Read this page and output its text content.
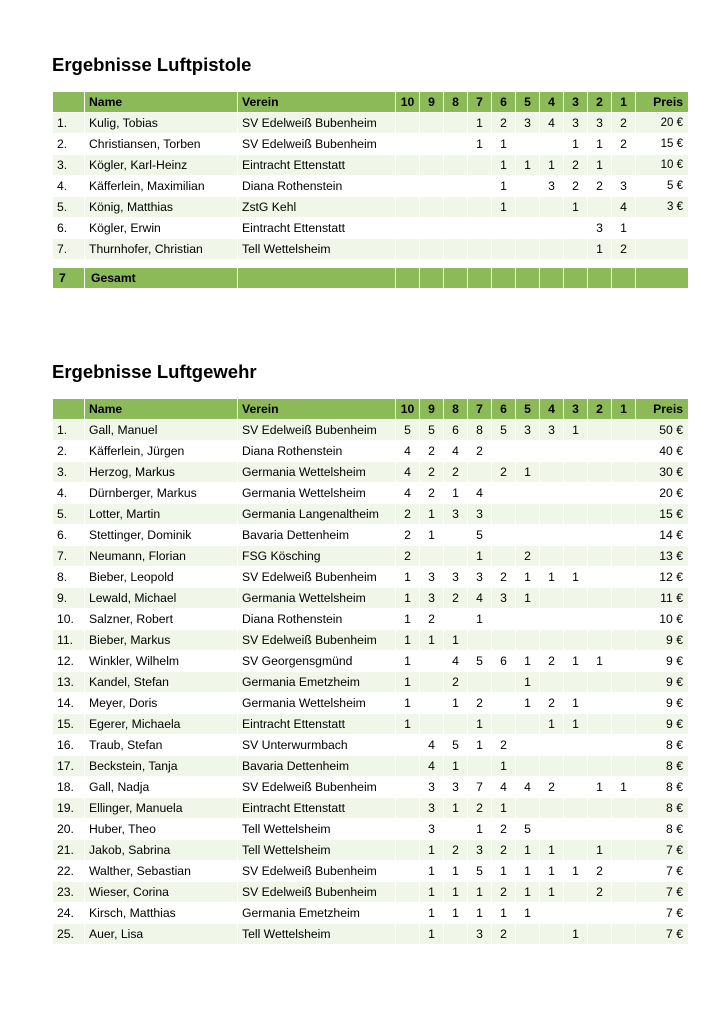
Ergebnisse Luftpistole
	Name	Verein	10	9	8	7	6	5	4	3	2	1	Preis
1.	Kulig, Tobias	SV Edelweiß Bubenheim				1	2	3	4	3	3	2	20 €
2.	Christiansen, Torben	SV Edelweiß Bubenheim				1	1			1	1	2	15 €
3.	Kögler, Karl-Heinz	Eintracht Ettenstatt					1	1	1	2	1		10 €
4.	Käfferlein, Maximilian	Diana Rothenstein					1		3	2	2	3	5 €
5.	König, Matthias	ZstG Kehl					1			1		4	3 €
6.	Kögler, Erwin	Eintracht Ettenstatt									3	1	
7.	Thurnhofer, Christian	Tell Wettelsheim									1	2	

7	Gesamt												
Ergebnisse Luftgewehr
	Name	Verein	10	9	8	7	6	5	4	3	2	1	Preis
1.	Gall, Manuel	SV Edelweiß Bubenheim	5	5	6	8	5	3	3	1			50 €
2.	Käfferlein, Jürgen	Diana Rothenstein	4	2	4	2							40 €
3.	Herzog, Markus	Germania Wettelsheim	4	2	2		2	1					30 €
4.	Dürnberger, Markus	Germania Wettelsheim	4	2	1	4							20 €
5.	Lotter, Martin	Germania Langenaltheim	2	1	3	3							15 €
6.	Stettinger, Dominik	Bavaria Dettenheim	2	1		5							14 €
7.	Neumann, Florian	FSG Kösching	2			1		2					13 €
8.	Bieber, Leopold	SV Edelweiß Bubenheim	1	3	3	3	2	1	1	1			12 €
9.	Lewald, Michael	Germania Wettelsheim	1	3	2	4	3	1					11 €
10.	Salzner, Robert	Diana Rothenstein	1	2		1							10 €
11.	Bieber, Markus	SV Edelweiß Bubenheim	1	1	1								9 €
12.	Winkler, Wilhelm	SV Georgensgmünd	1		4	5	6	1	2	1	1		9 €
13.	Kandel, Stefan	Germania Emetzheim	1		2			1					9 €
14.	Meyer, Doris	Germania Wettelsheim	1		1	2		1	2	1			9 €
15.	Egerer, Michaela	Eintracht Ettenstatt	1			1			1	1			9 €
16.	Traub, Stefan	SV Unterwurmbach		4	5	1	2						8 €
17.	Beckstein, Tanja	Bavaria Dettenheim		4	1		1						8 €
18.	Gall, Nadja	SV Edelweiß Bubenheim		3	3	7	4	4	2		1	1	8 €
19.	Ellinger, Manuela	Eintracht Ettenstatt		3	1	2	1						8 €
20.	Huber, Theo	Tell Wettelsheim		3		1	2	5					8 €
21.	Jakob, Sabrina	Tell Wettelsheim		1	2	3	2	1	1		1		7 €
22.	Walther, Sebastian	SV Edelweiß Bubenheim		1	1	5	1	1	1	1	2		7 €
23.	Wieser, Corina	SV Edelweiß Bubenheim		1	1	1	2	1	1		2		7 €
24.	Kirsch, Matthias	Germania Emetzheim		1	1	1	1	1					7 €
25.	Auer, Lisa	Tell Wettelsheim		1		3	2			1			7 €
